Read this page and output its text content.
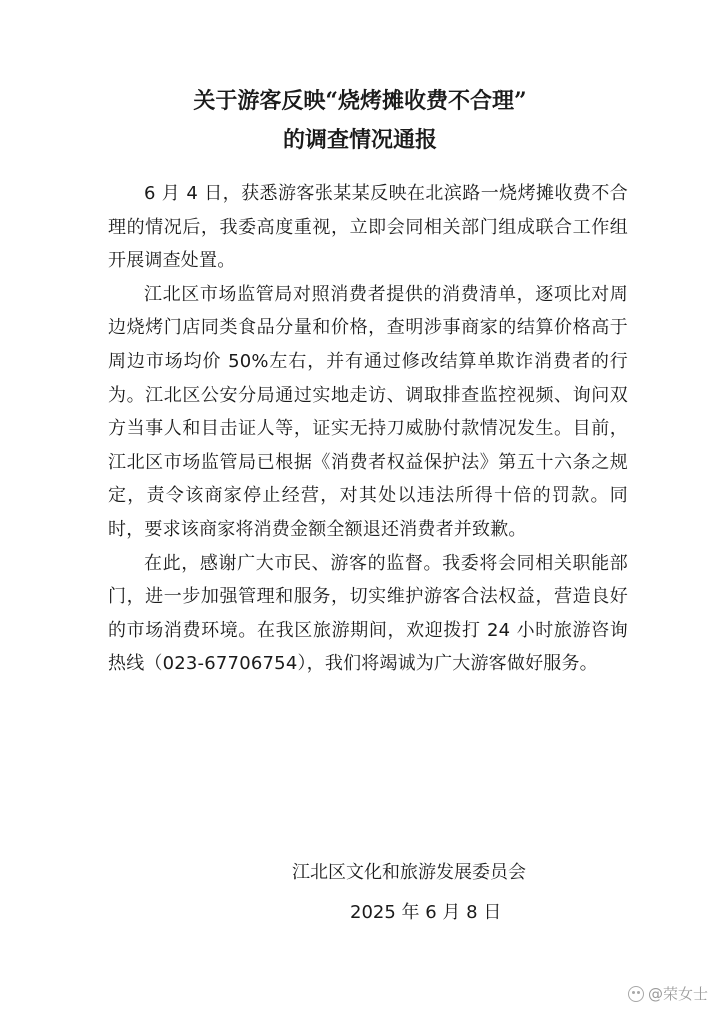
关于游客反映“烧烤摊收费不合理”
的调查情况通报

6 月 4 日，获悉游客张某某反映在北滨路一烧烤摊收费不合理的情况后，我委高度重视，立即会同相关部门组成联合工作组开展调查处置。

江北区市场监管局对照消费者提供的消费清单，逐项比对周边烧烤门店同类食品分量和价格，查明涉事商家的结算价格高于周边市场均价 50%左右，并有通过修改结算单欺诈消费者的行为。江北区公安分局通过实地走访、调取排查监控视频、询问双方当事人和目击证人等，证实无持刀威胁付款情况发生。目前，江北区市场监管局已根据《消费者权益保护法》第五十六条之规定，责令该商家停止经营，对其处以违法所得十倍的罚款。同时，要求该商家将消费金额全额退还消费者并致歉。

在此，感谢广大市民、游客的监督。我委将会同相关职能部门，进一步加强管理和服务，切实维护游客合法权益，营造良好的市场消费环境。在我区旅游期间，欢迎拨打 24 小时旅游咨询热线（023-67706754），我们将竭诚为广大游客做好服务。

江北区文化和旅游发展委员会
2025 年 6 月 8 日
@荣女士
